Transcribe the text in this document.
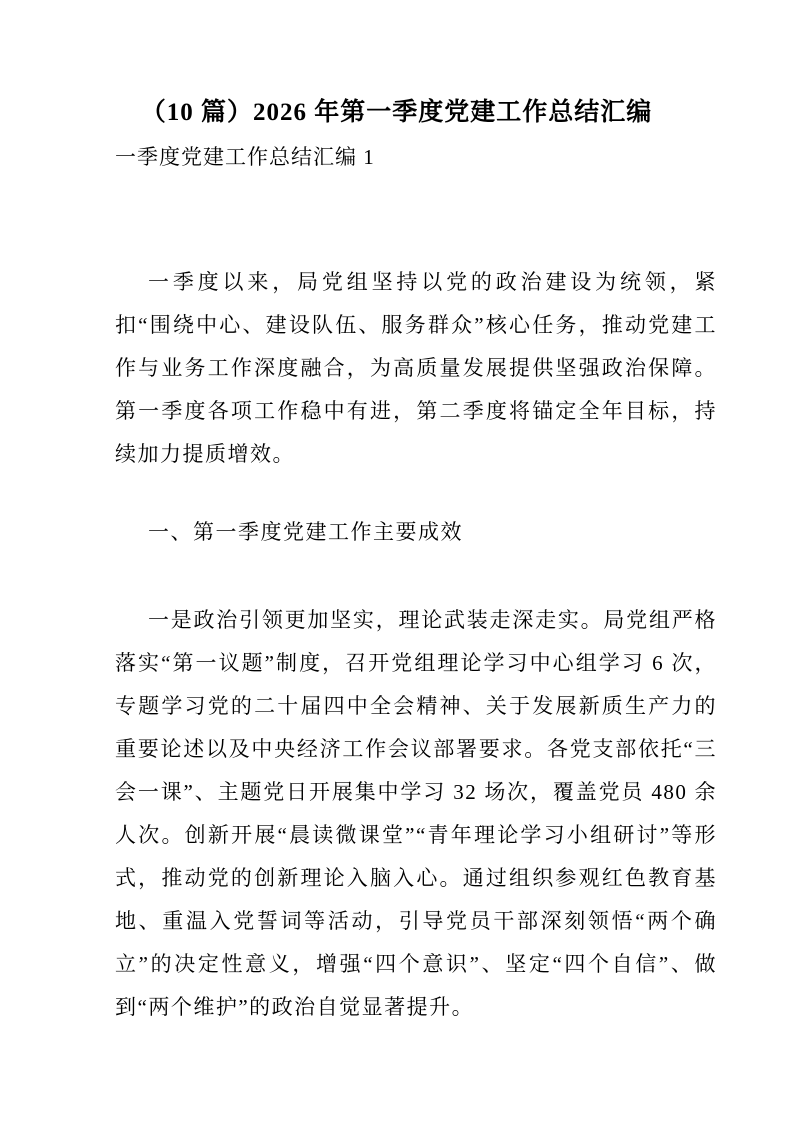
（10 篇）2026 年第一季度党建工作总结汇编
一季度党建工作总结汇编 1

一季度以来，局党组坚持以党的政治建设为统领，紧扣“围绕中心、建设队伍、服务群众”核心任务，推动党建工作与业务工作深度融合，为高质量发展提供坚强政治保障。第一季度各项工作稳中有进，第二季度将锚定全年目标，持续加力提质增效。

一、第一季度党建工作主要成效

一是政治引领更加坚实，理论武装走深走实。局党组严格落实“第一议题”制度，召开党组理论学习中心组学习 6 次，专题学习党的二十届四中全会精神、关于发展新质生产力的重要论述以及中央经济工作会议部署要求。各党支部依托“三会一课”、主题党日开展集中学习 32 场次，覆盖党员 480 余人次。创新开展“晨读微课堂”“青年理论学习小组研讨”等形式，推动党的创新理论入脑入心。通过组织参观红色教育基地、重温入党誓词等活动，引导党员干部深刻领悟“两个确立”的决定性意义，增强“四个意识”、坚定“四个自信”、做到“两个维护”的政治自觉显著提升。
